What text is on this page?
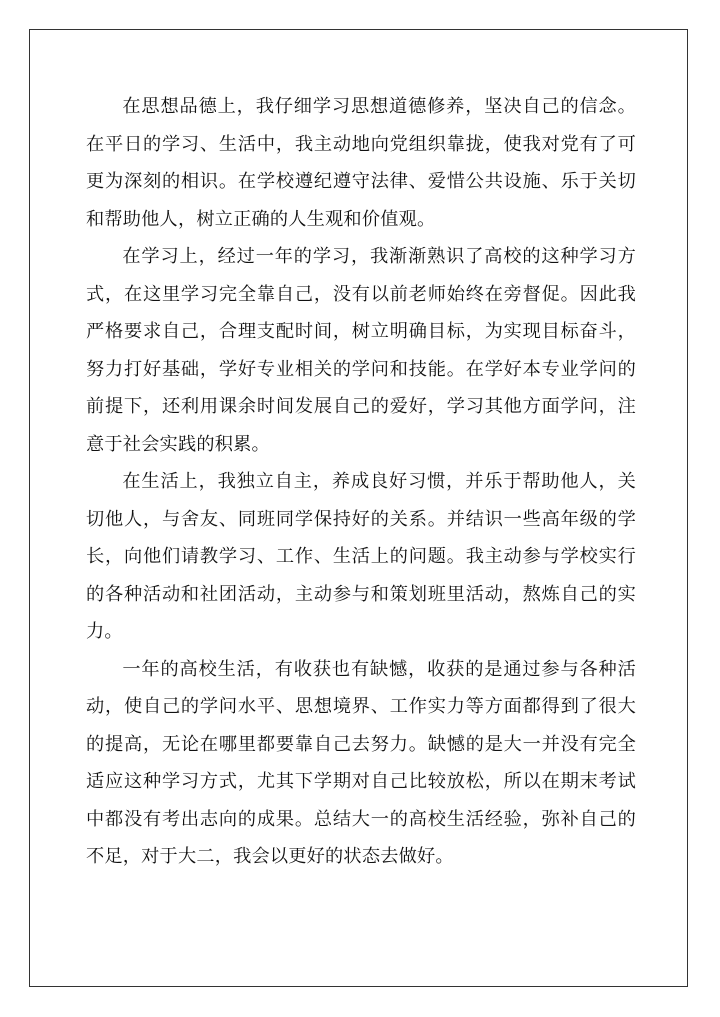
在思想品德上，我仔细学习思想道德修养，坚决自己的信念。在平日的学习、生活中，我主动地向党组织靠拢，使我对党有了可更为深刻的相识。在学校遵纪遵守法律、爱惜公共设施、乐于关切和帮助他人，树立正确的人生观和价值观。

在学习上，经过一年的学习，我渐渐熟识了高校的这种学习方式，在这里学习完全靠自己，没有以前老师始终在旁督促。因此我严格要求自己，合理支配时间，树立明确目标，为实现目标奋斗，努力打好基础，学好专业相关的学问和技能。在学好本专业学问的前提下，还利用课余时间发展自己的爱好，学习其他方面学问，注意于社会实践的积累。

在生活上，我独立自主，养成良好习惯，并乐于帮助他人，关切他人，与舍友、同班同学保持好的关系。并结识一些高年级的学长，向他们请教学习、工作、生活上的问题。我主动参与学校实行的各种活动和社团活动，主动参与和策划班里活动，熬炼自己的实力。

一年的高校生活，有收获也有缺憾，收获的是通过参与各种活动，使自己的学问水平、思想境界、工作实力等方面都得到了很大的提高，无论在哪里都要靠自己去努力。缺憾的是大一并没有完全适应这种学习方式，尤其下学期对自己比较放松，所以在期末考试中都没有考出志向的成果。总结大一的高校生活经验，弥补自己的不足，对于大二，我会以更好的状态去做好。
